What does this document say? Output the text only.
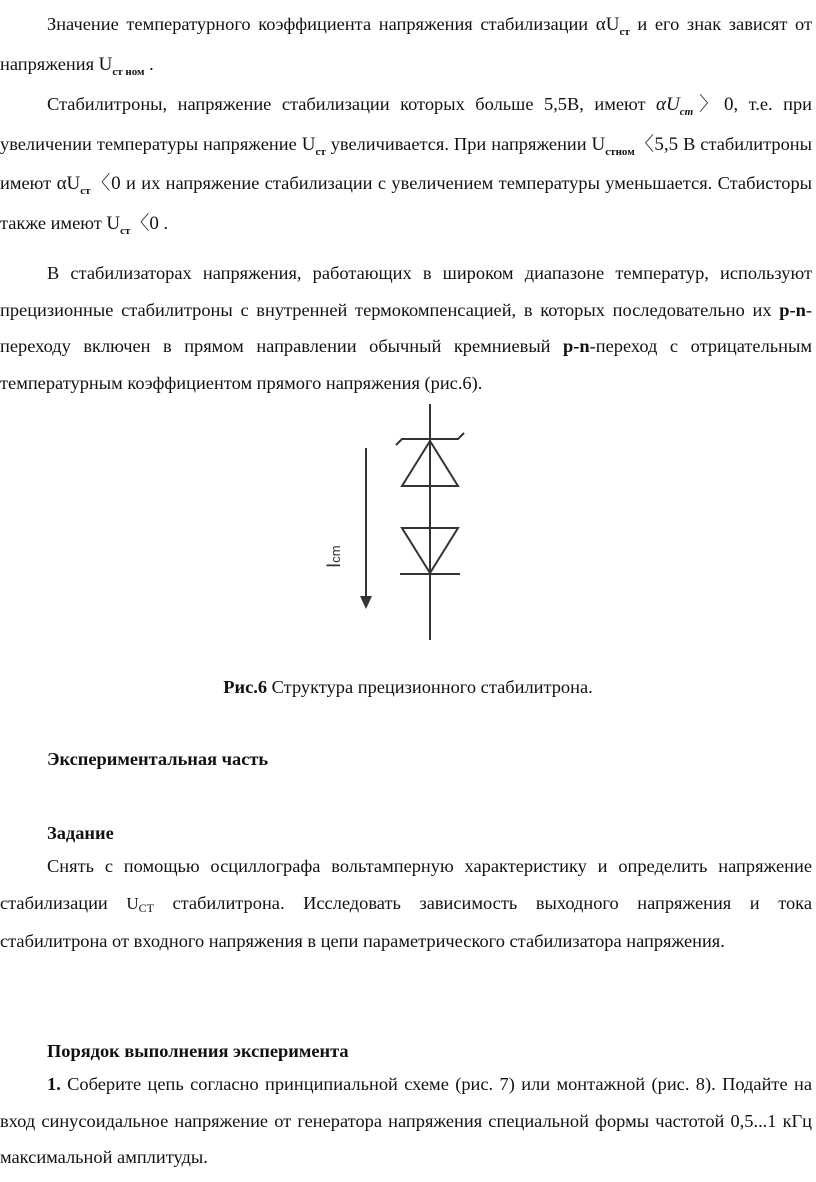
Значение температурного коэффициента напряжения стабилизации $\alpha U_{ст}$ и его знак зависят от напряжения $U_{ст ном}$ .

Стабилитроны, напряжение стабилизации которых больше 5,5В, имеют $\alpha U_{ст}$〉0, т.е. при увеличении температуры напряжение $U_{ст}$ увеличивается. При напряжении $U_{стном}$〈5,5 В стабилитроны имеют $\alpha U_{ст}$〈0 и их напряжение стабилизации с увеличением температуры уменьшается. Стабисторы также имеют $U_{ст}$〈0 .

В стабилизаторах напряжения, работающих в широком диапазоне температур, используют прецизионные стабилитроны с внутренней термокомпенсацией, в которых последовательно их p-n-переходу включен в прямом направлении обычный кремниевый p-n-переход с отрицательным температурным коэффициентом прямого напряжения (рис.6).

Icm

Рис.6 Структура прецизионного стабилитрона.

Экспериментальная часть

Задание

Снять с помощью осциллографа вольтамперную характеристику и определить напряжение стабилизации UCT стабилитрона. Исследовать зависимость выходного напряжения и тока стабилитрона от входного напряжения в цепи параметрического стабилизатора напряжения.

Порядок выполнения эксперимента

1. Соберите цепь согласно принципиальной схеме (рис. 7) или монтажной (рис. 8). Подайте на вход синусоидальное напряжение от генератора напряжения специальной формы частотой 0,5...1 кГц максимальной амплитуды.
